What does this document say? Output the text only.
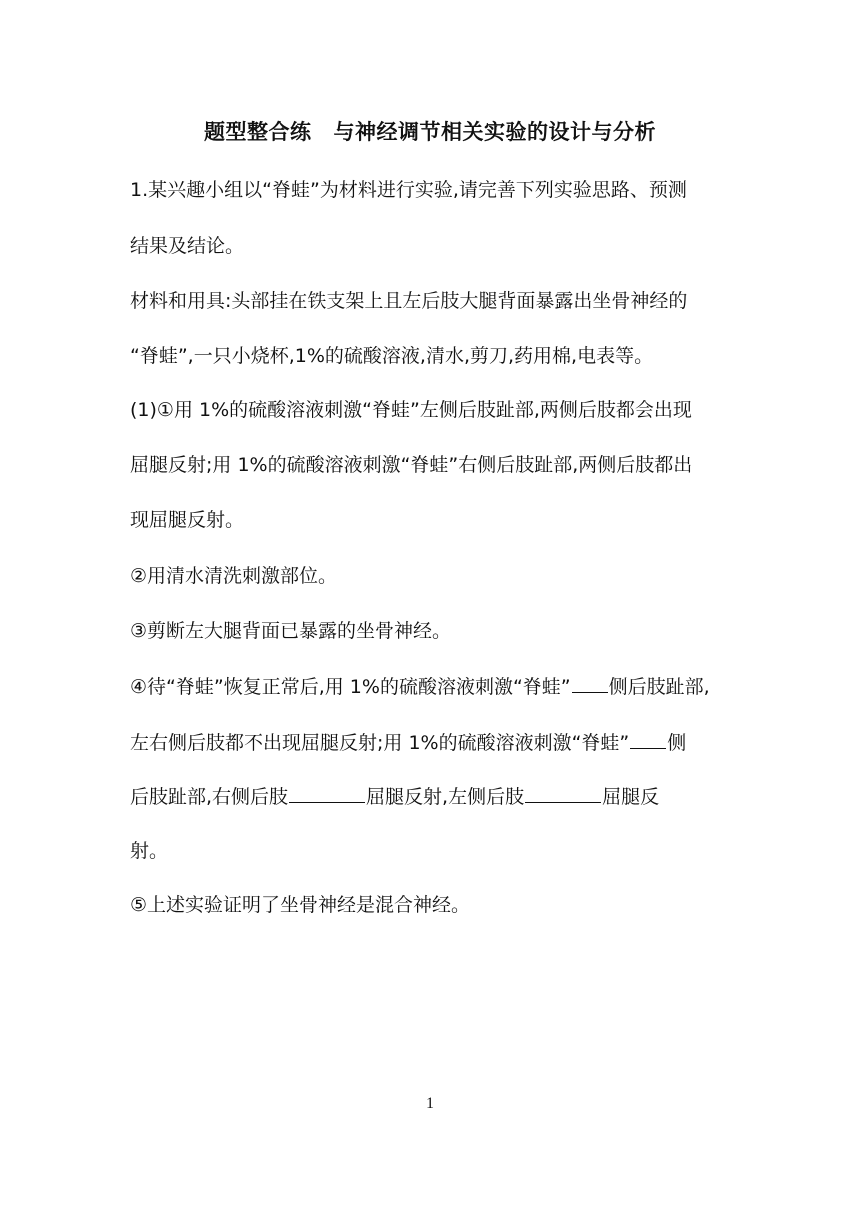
题型整合练 与神经调节相关实验的设计与分析
1.某兴趣小组以“脊蛙”为材料进行实验,请完善下列实验思路、预测
结果及结论。
材料和用具:头部挂在铁支架上且左后肢大腿背面暴露出坐骨神经的
“脊蛙”,一只小烧杯,1%的硫酸溶液,清水,剪刀,药用棉,电表等。
(1)①用 1%的硫酸溶液刺激“脊蛙”左侧后肢趾部,两侧后肢都会出现
屈腿反射;用 1%的硫酸溶液刺激“脊蛙”右侧后肢趾部,两侧后肢都出
现屈腿反射。
②用清水清洗刺激部位。
③剪断左大腿背面已暴露的坐骨神经。
④待“脊蛙”恢复正常后,用 1%的硫酸溶液刺激“脊蛙” 侧后肢趾部,
左右侧后肢都不出现屈腿反射;用 1%的硫酸溶液刺激“脊蛙” 侧
后肢趾部,右侧后肢	屈腿反射,左侧后肢	屈腿反
射。
⑤上述实验证明了坐骨神经是混合神经。
1
